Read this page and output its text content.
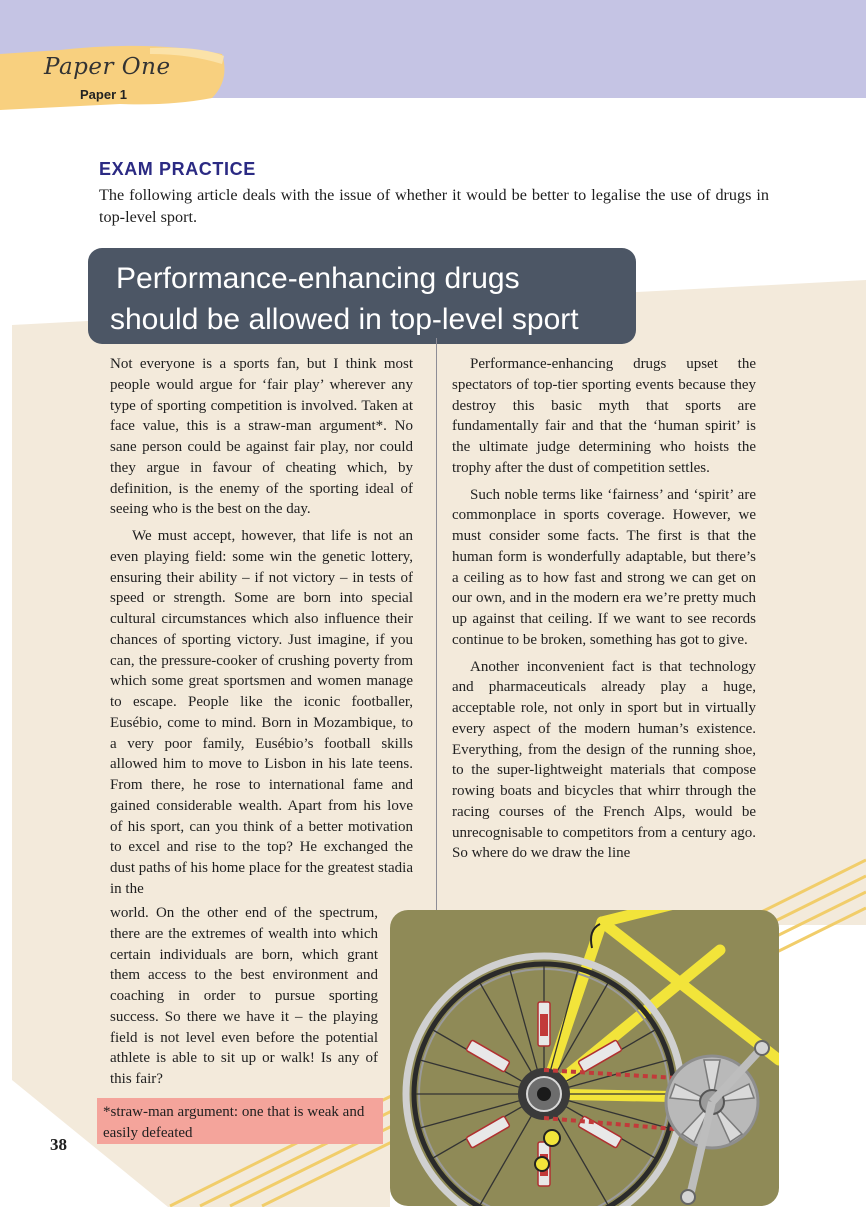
Paper One
Paper 1
EXAM PRACTICE
The following article deals with the issue of whether it would be better to legalise the use of drugs in top-level sport.
Performance-enhancing drugs
should be allowed in top-level sport

Not everyone is a sports fan, but I think most people would argue for ‘fair play’ wherever any type of sporting competition is involved. Taken at face value, this is a straw-man argument*. No sane person could be against fair play, nor could they argue in favour of cheating which, by definition, is the enemy of the sporting ideal of seeing who is the best on the day.

We must accept, however, that life is not an even playing field: some win the genetic lottery, ensuring their ability – if not victory – in tests of speed or strength. Some are born into special cultural circumstances which also influence their chances of sporting victory. Just imagine, if you can, the pressure-cooker of crushing poverty from which some great sportsmen and women manage to escape. People like the iconic footballer, Eusébio, come to mind. Born in Mozambique, to a very poor family, Eusébio’s football skills allowed him to move to Lisbon in his late teens. From there, he rose to international fame and gained considerable wealth. Apart from his love of his sport, can you think of a better motivation to excel and rise to the top? He exchanged the dust paths of his home place for the greatest stadia in the

world. On the other end of the spectrum, there are the extremes of wealth into which certain individuals are born, which grant them access to the best environment and coaching in order to pursue sporting success. So there we have it – the playing field is not level even before the potential athlete is able to sit up or walk! Is any of this fair?

Performance-enhancing drugs upset the spectators of top-tier sporting events because they destroy this basic myth that sports are fundamentally fair and that the ‘human spirit’ is the ultimate judge determining who hoists the trophy after the dust of competition settles.

Such noble terms like ‘fairness’ and ‘spirit’ are commonplace in sports coverage. However, we must consider some facts. The first is that the human form is wonderfully adaptable, but there’s a ceiling as to how fast and strong we can get on our own, and in the modern era we’re pretty much up against that ceiling. If we want to see records continue to be broken, something has got to give.

Another inconvenient fact is that technology and pharmaceuticals already play a huge, acceptable role, not only in sport but in virtually every aspect of the modern human’s existence. Everything, from the design of the running shoe, to the super-lightweight materials that compose rowing boats and bicycles that whirr through the racing courses of the French Alps, would be unrecognisable to competitors from a century ago. So where do we draw the line

*straw-man argument: one that is weak and easily defeated
38
